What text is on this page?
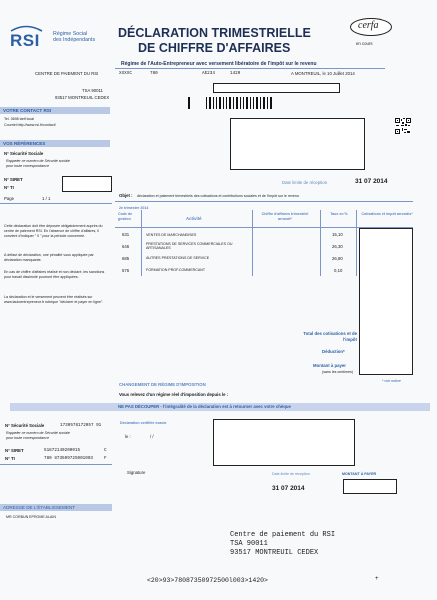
RSI Régime Social
des Indépendants DÉCLARATION TRIMESTRIELLE
DE CHIFFRE D'AFFAIRES
cerfa
en cours
Régime de l'Auto-Entrepreneur avec versement libératoire de l'impôt sur le revenu
CENTRE DE PAIEMENT DU RSI	XXXXC	780	AE234	1420	A MONTREUIL, le 10 Juillet 2014
TSA 90011
93517 MONTREUIL CEDEX
VOTRE CONTACT RSI
Tel. 3698 tarif local
Courriel:http://www.rsi.fr/contact/
VOS RÉFÉRENCES
N° Sécurité Sociale
Rappeler ce numéro de Sécurité sociale
pour toute correspondance
N° SIRET
N° TI
Page	1 / 1
Date limite de réception	31 07 2014
Objet : déclaration et paiement trimestriels des cotisations et contributions sociales et de l'impôt sur le revenu
2e trimestre 2014
Code de gestion	Activité
Chiffre d'affaires trimestriel arrondi*
Taux en %	Cotisations et impôt arrondis*
631	VENTES DE MARCHANDISES	15,10
646	PRESTATIONS DE SERVICES COMMERCIALES OU ARTISANALES	26,30
685	AUTRES PRESTATIONS DE SERVICE	26,80
576	FORMATION PROF.COMMERCANT	0,10
Cette déclaration doit être déposée obligatoirement auprès du centre de paiement RSI. En l'absence de chiffre d'affaires, il convient d'indiquer " 0 " pour la période concernée.
A défaut de déclaration, une pénalité vous appliquée par déclaration manquante.
En cas de chiffre d'affaires réalisé et non déclaré, les sanctions pour travail dissimulé pourront être appliquées.
La déclaration et le versement peuvent être réalisés sur www.lautoentrepreneur.fr rubrique "déclarer et payer en ligne".
Total des cotisations et de l'impôt
Déduction*
Montant à payer
(sans les centimes)
* voir notice
CHANGEMENT DE RÉGIME D'IMPOSITION
Vous relevez d'un régime réel d'imposition depuis le :
NE PAS DÉCOUPER - l'intégralité de la déclaration est à retourner avec votre chèque
N° Sécurité Sociale	1730578172057 91
Rappeler ce numéro de Sécurité sociale
pour toute correspondance
N° SIRET	51872140200015	C
N° TI	780 873509725001003	F
ADRESSE DE L'ÉTABLISSEMENT
MR CORBUN EPROME ALAIN
Déclaration certifiée exacte
le :	/ /
Signature	Date limite de réception	MONTANT À PAYER
31 07 2014
Centre de paiement du RSI
TSA 90011
93517 MONTREUIL CEDEX
<20>93>78087350972500l003>1420>	+
